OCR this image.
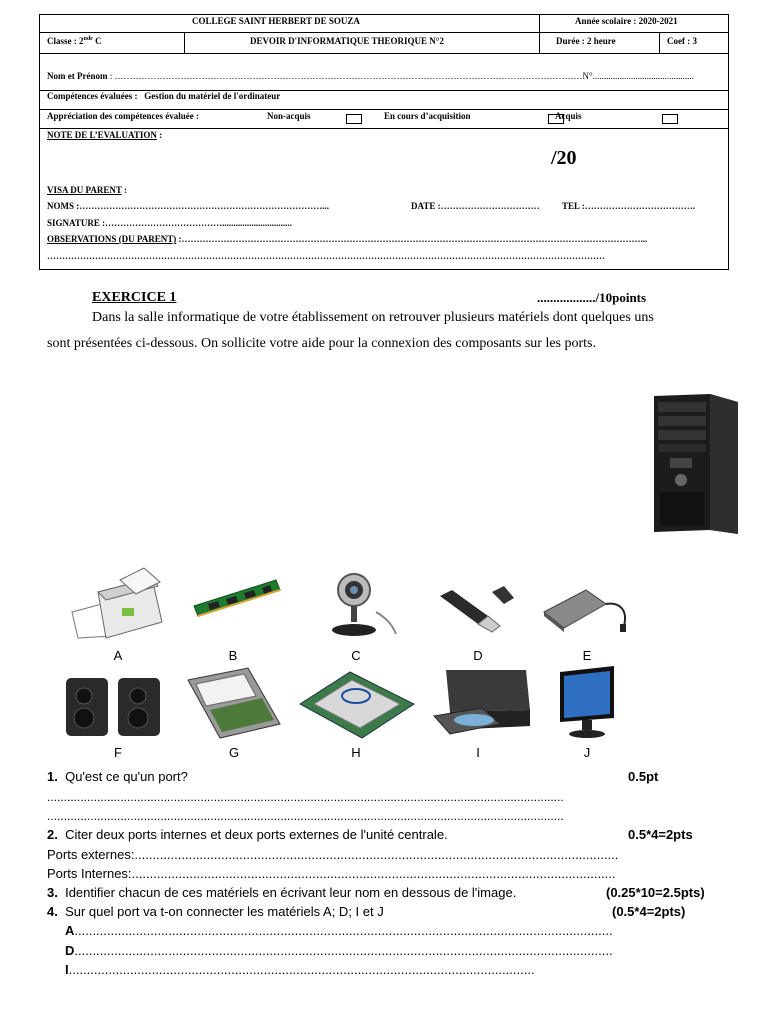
COLLEGE SAINT HERBERT DE SOUZA	Année scolaire : 2020-2021
Classe : 2nde C	DEVOIR D'INFORMATIQUE THEORIQUE N°2	Durée : 2 heure	Coef : 3
Nom et Prénom : …………………………………………………………………………………………………………………………………………N°.............................................
Compétences évaluées : Gestion du matériel de l'ordinateur
Appréciation des compétences évaluée :	Non-acquis	En cours d’acquisition	Acquis
NOTE DE L’EVALUATION :
/20
VISA DU PARENT :
NOMS :………………………………………………………………………...	DATE :…………………………… TEL :……………………………….
SIGNATURE :…………………………………...............................
OBSERVATIONS (DU PARENT) :………………………………………………………………………………………………………………………………………...
……………………………………………………………………………………………………………………………………………………………………
EXERCICE 1	................../10points
Dans la salle informatique de votre établissement on retrouver plusieurs matériels dont quelques uns
sont présentées ci-dessous. On sollicite votre aide pour la connexion des composants sur les ports.
A	B	C	D	E
F	G	H	I	J
1. Qu'est ce qu'un port?	0.5pt
...........................................................................................................................................................
...........................................................................................................................................................
2. Citer deux ports internes et deux ports externes de l'unité centrale.	0.5*4=2pts
Ports externes:......................................................................................................................................
Ports Internes:......................................................................................................................................
3. Identifier chacun de ces matériels en écrivant leur nom en dessous de l'image.	(0.25*10=2.5pts)
4. Sur quel port va t-on connecter les matériels A; D; I et J	(0.5*4=2pts)
A.....................................................................................................................................................
D.....................................................................................................................................................
I.................................................................................................................................
